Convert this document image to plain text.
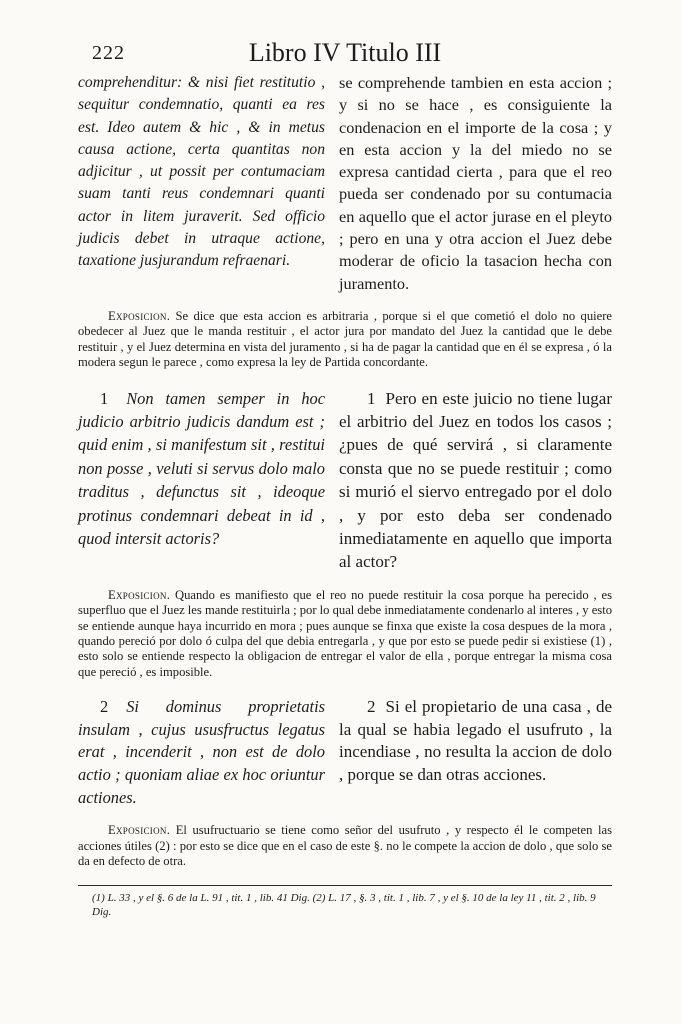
222	Libro IV Titulo III
comprehenditur: & nisi fiet restitutio , sequitur condemnatio, quanti ea res est. Ideo autem & hic , & in metus causa actione, certa quantitas non adjicitur , ut possit per contumaciam suam tanti reus condemnari quanti actor in litem juraverit. Sed officio judicis debet in utraque actione, taxatione jusjurandum refraenari.
se comprehende tambien en esta accion ; y si no se hace , es consiguiente la condenacion en el importe de la cosa ; y en esta accion y la del miedo no se expresa cantidad cierta , para que el reo pueda ser condenado por su contumacia en aquello que el actor jurase en el pleyto ; pero en una y otra accion el Juez debe moderar de oficio la tasacion hecha con juramento.

Exposicion. Se dice que esta accion es arbitraria , porque si el que cometió el dolo no quiere obedecer al Juez que le manda restituir , el actor jura por mandato del Juez la cantidad que le debe restituir , y el Juez determina en vista del juramento , si ha de pagar la cantidad que en él se expresa , ó la modera segun le parece , como expresa la ley de Partida concordante.

1 Non tamen semper in hoc judicio arbitrio judicis dandum est ; quid enim , si manifestum sit , restitui non posse , veluti si servus dolo malo traditus , defunctus sit , ideoque protinus condemnari debeat in id , quod intersit actoris?
1 Pero en este juicio no tiene lugar el arbitrio del Juez en todos los casos ; ¿pues de qué servirá , si claramente consta que no se puede restituir ; como si murió el siervo entregado por el dolo , y por esto deba ser condenado inmediatamente en aquello que importa al actor?

Exposicion. Quando es manifiesto que el reo no puede restituir la cosa porque ha perecido , es superfluo que el Juez les mande restituirla ; por lo qual debe inmediatamente condenarlo al interes , y esto se entiende aunque haya incurrido en mora ; pues aunque se finxa que existe la cosa despues de la mora , quando pereció por dolo ó culpa del que debia entregarla , y que por esto se puede pedir si existiese (1) , esto solo se entiende respecto la obligacion de entregar el valor de ella , porque entregar la misma cosa que pereció , es imposible.

2 Si dominus proprietatis insulam , cujus ususfructus legatus erat , incenderit , non est de dolo actio ; quoniam aliae ex hoc oriuntur actiones.
2 Si el propietario de una casa , de la qual se habia legado el usufruto , la incendiase , no resulta la accion de dolo , porque se dan otras acciones.

Exposicion. El usufructuario se tiene como señor del usufruto , y respecto él le competen las acciones útiles (2) : por esto se dice que en el caso de este §. no le compete la accion de dolo , que solo se da en defecto de otra.

(1) L. 33 , y el §. 6 de la L. 91 , tit. 1 , lib. 41 Dig. (2) L. 17 , §. 3 , tit. 1 , lib. 7 , y el §. 10 de la ley 11 , tit. 2 , lib. 9 Dig.
